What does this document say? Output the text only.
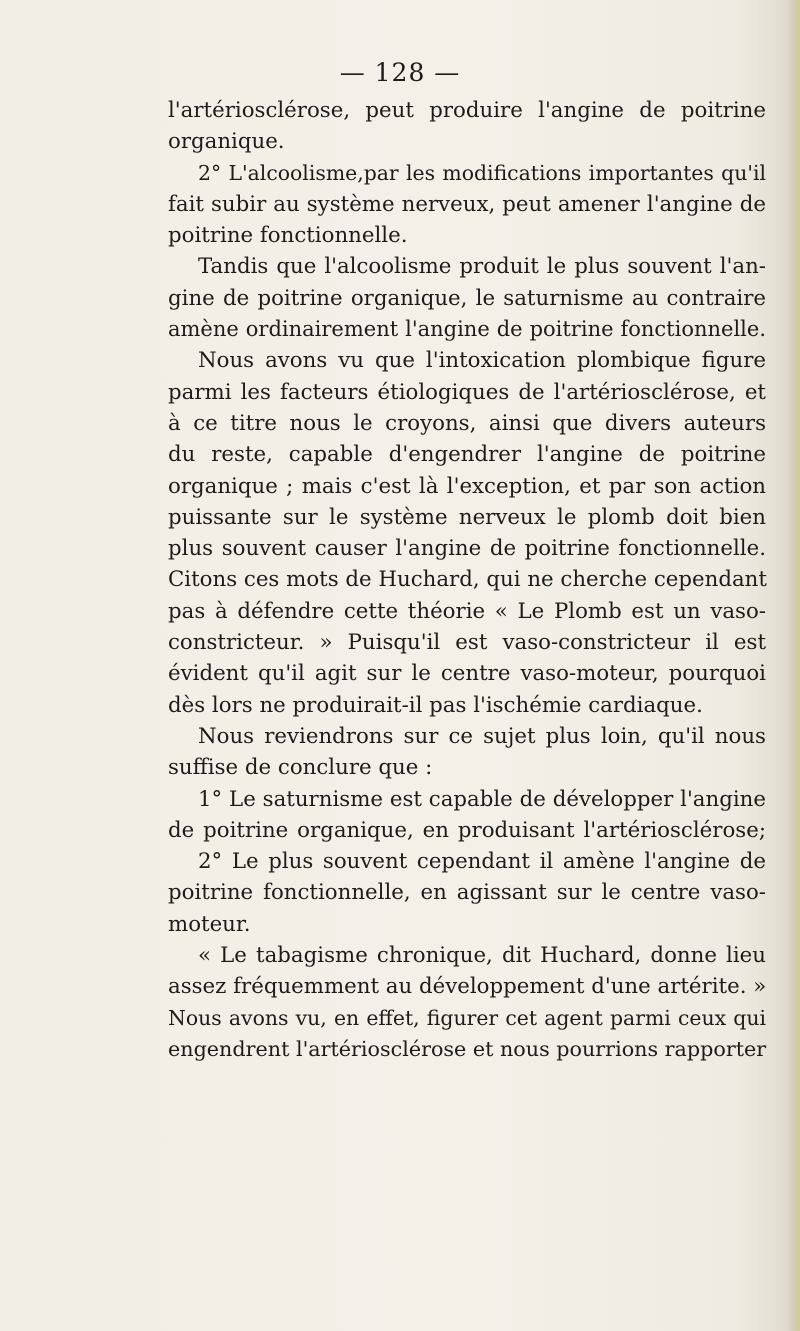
— 128 —

l'artériosclérose, peut produire l'angine de poitrine
organique.
2° L'alcoolisme,par les modifications importantes qu'il
fait subir au système nerveux, peut amener l'angine de
poitrine fonctionnelle.
Tandis que l'alcoolisme produit le plus souvent l'an-
gine de poitrine organique, le saturnisme au contraire
amène ordinairement l'angine de poitrine fonctionnelle.
Nous avons vu que l'intoxication plombique figure
parmi les facteurs étiologiques de l'artériosclérose, et
à ce titre nous le croyons, ainsi que divers auteurs
du reste, capable d'engendrer l'angine de poitrine
organique ; mais c'est là l'exception, et par son action
puissante sur le système nerveux le plomb doit bien
plus souvent causer l'angine de poitrine fonctionnelle.
Citons ces mots de Huchard, qui ne cherche cependant
pas à défendre cette théorie « Le Plomb est un vaso-
constricteur. » Puisqu'il est vaso-constricteur il est
évident qu'il agit sur le centre vaso-moteur, pourquoi
dès lors ne produirait-il pas l'ischémie cardiaque.
Nous reviendrons sur ce sujet plus loin, qu'il nous
suffise de conclure que :
1° Le saturnisme est capable de développer l'angine
de poitrine organique, en produisant l'artériosclérose;
2° Le plus souvent cependant il amène l'angine de
poitrine fonctionnelle, en agissant sur le centre vaso-
moteur.
« Le tabagisme chronique, dit Huchard, donne lieu
assez fréquemment au développement d'une artérite. »
Nous avons vu, en effet, figurer cet agent parmi ceux qui
engendrent l'artériosclérose et nous pourrions rapporter
